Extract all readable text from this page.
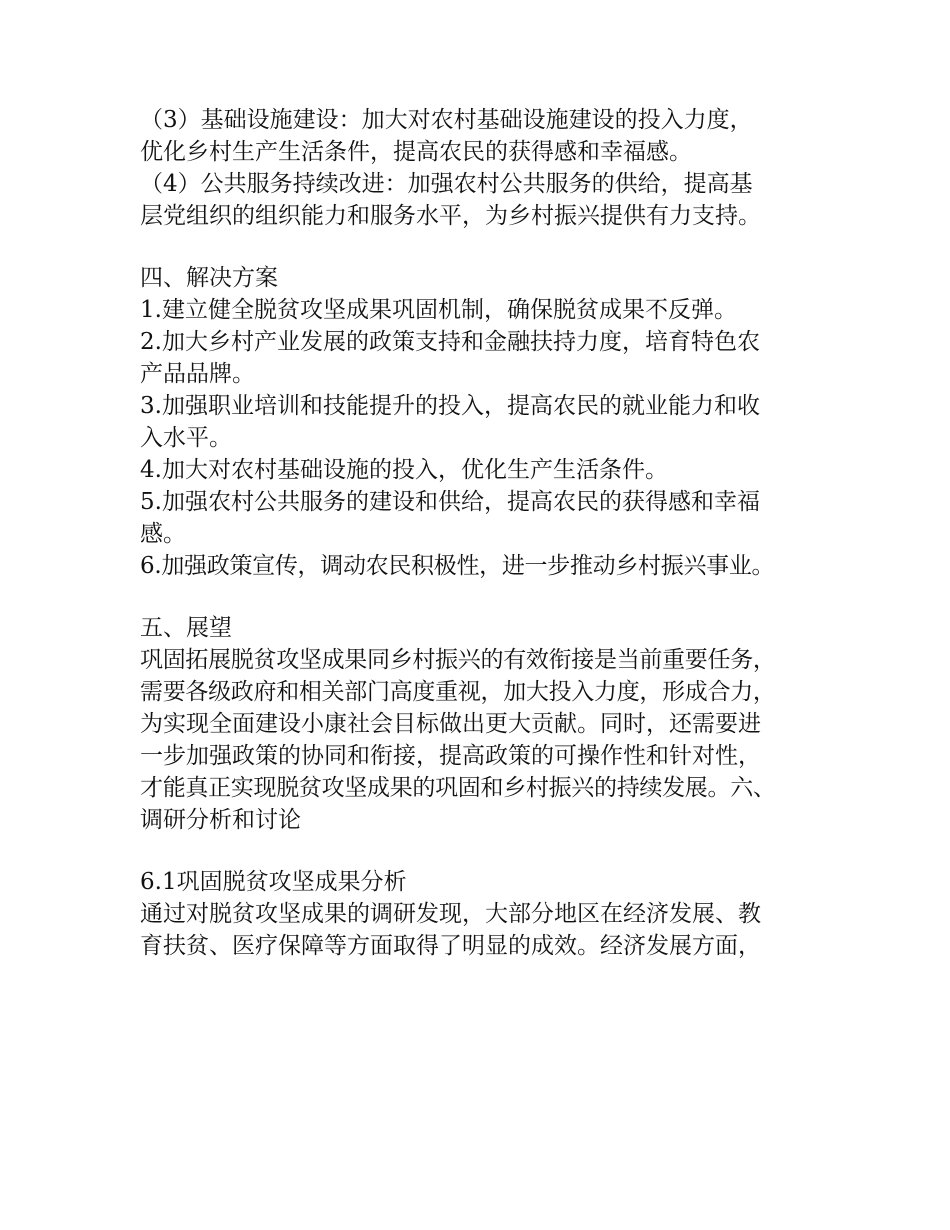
（3）基础设施建设：加大对农村基础设施建设的投入力度，
优化乡村生产生活条件，提高农民的获得感和幸福感。
（4）公共服务持续改进：加强农村公共服务的供给，提高基
层党组织的组织能力和服务水平，为乡村振兴提供有力支持。
四、解决方案
1.建立健全脱贫攻坚成果巩固机制，确保脱贫成果不反弹。
2.加大乡村产业发展的政策支持和金融扶持力度，培育特色农
产品品牌。
3.加强职业培训和技能提升的投入，提高农民的就业能力和收
入水平。
4.加大对农村基础设施的投入，优化生产生活条件。
5.加强农村公共服务的建设和供给，提高农民的获得感和幸福
感。
6.加强政策宣传，调动农民积极性，进一步推动乡村振兴事业。
五、展望
巩固拓展脱贫攻坚成果同乡村振兴的有效衔接是当前重要任务，
需要各级政府和相关部门高度重视，加大投入力度，形成合力，
为实现全面建设小康社会目标做出更大贡献。同时，还需要进
一步加强政策的协同和衔接，提高政策的可操作性和针对性，
才能真正实现脱贫攻坚成果的巩固和乡村振兴的持续发展。六、
调研分析和讨论
6.1巩固脱贫攻坚成果分析
通过对脱贫攻坚成果的调研发现，大部分地区在经济发展、教
育扶贫、医疗保障等方面取得了明显的成效。经济发展方面，
